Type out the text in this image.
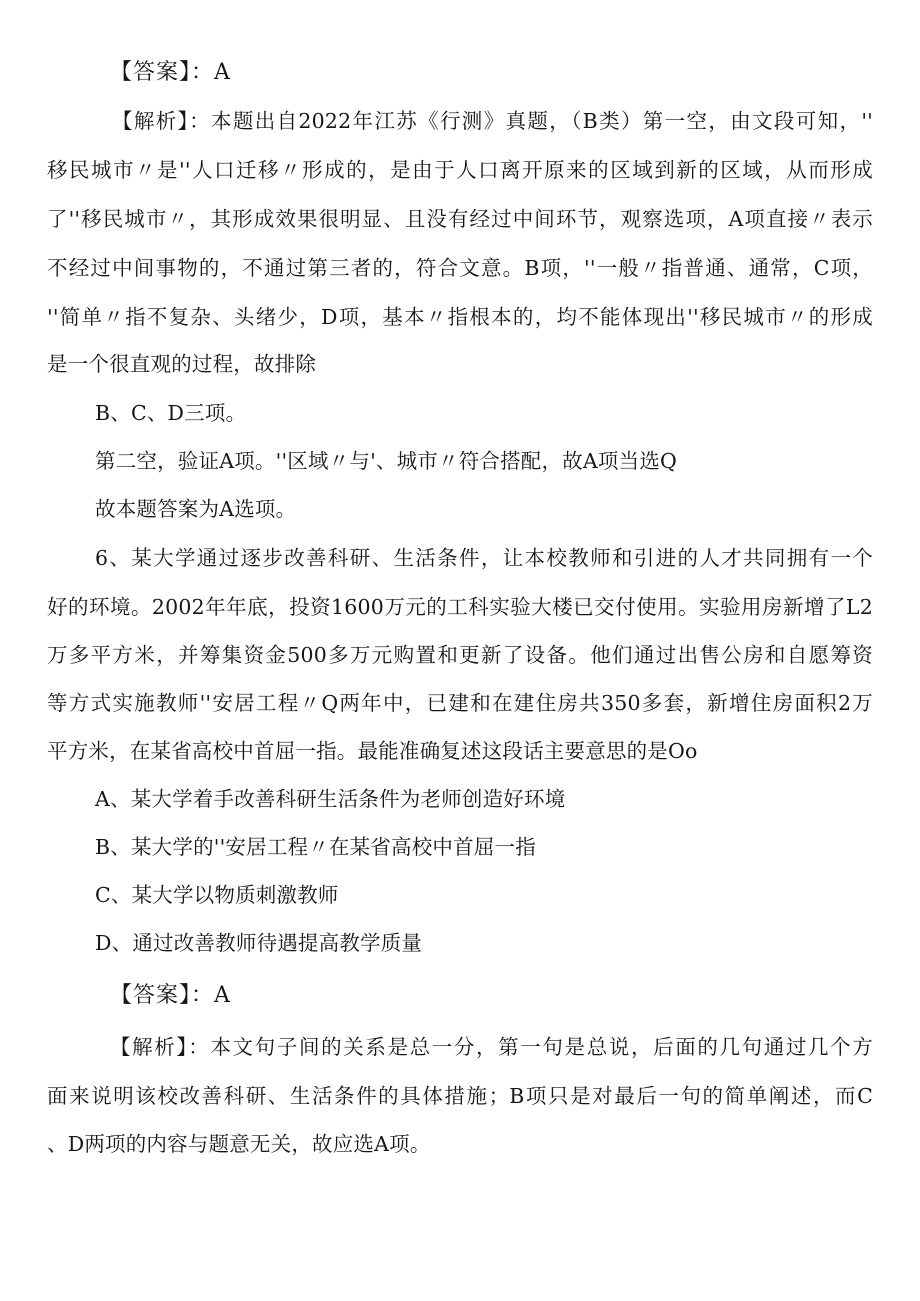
【答案】：A
【解析】：本题出自2022年江苏《行测》真题，（B类）第一空，由文段可知，''
移民城市〃是''人口迁移〃形成的，是由于人口离开原来的区域到新的区域，从而形成
了''移民城市〃，其形成效果很明显、且没有经过中间环节，观察选项，A项直接〃表示
不经过中间事物的，不通过第三者的，符合文意。B项，''一般〃指普通、通常，C项，
''简单〃指不复杂、头绪少，D项，基本〃指根本的，均不能体现出''移民城市〃的形成
是一个很直观的过程，故排除
B、C、D三项。
第二空，验证A项。''区域〃与'、城市〃符合搭配，故A项当选Q
故本题答案为A选项。
6、某大学通过逐步改善科研、生活条件，让本校教师和引进的人才共同拥有一个
好的环境。2002年年底，投资1600万元的工科实验大楼已交付使用。实验用房新增了L2
万多平方米，并筹集资金500多万元购置和更新了设备。他们通过出售公房和自愿筹资
等方式实施教师''安居工程〃Q两年中，已建和在建住房共350多套，新增住房面积2万
平方米，在某省高校中首屈一指。最能准确复述这段话主要意思的是Oo
A、某大学着手改善科研生活条件为老师创造好环境
B、某大学的''安居工程〃在某省高校中首屈一指
C、某大学以物质刺激教师
D、通过改善教师待遇提高教学质量
【答案】：A
【解析】：本文句子间的关系是总一分，第一句是总说，后面的几句通过几个方
面来说明该校改善科研、生活条件的具体措施；B项只是对最后一句的简单阐述，而C
、D两项的内容与题意无关，故应选A项。
